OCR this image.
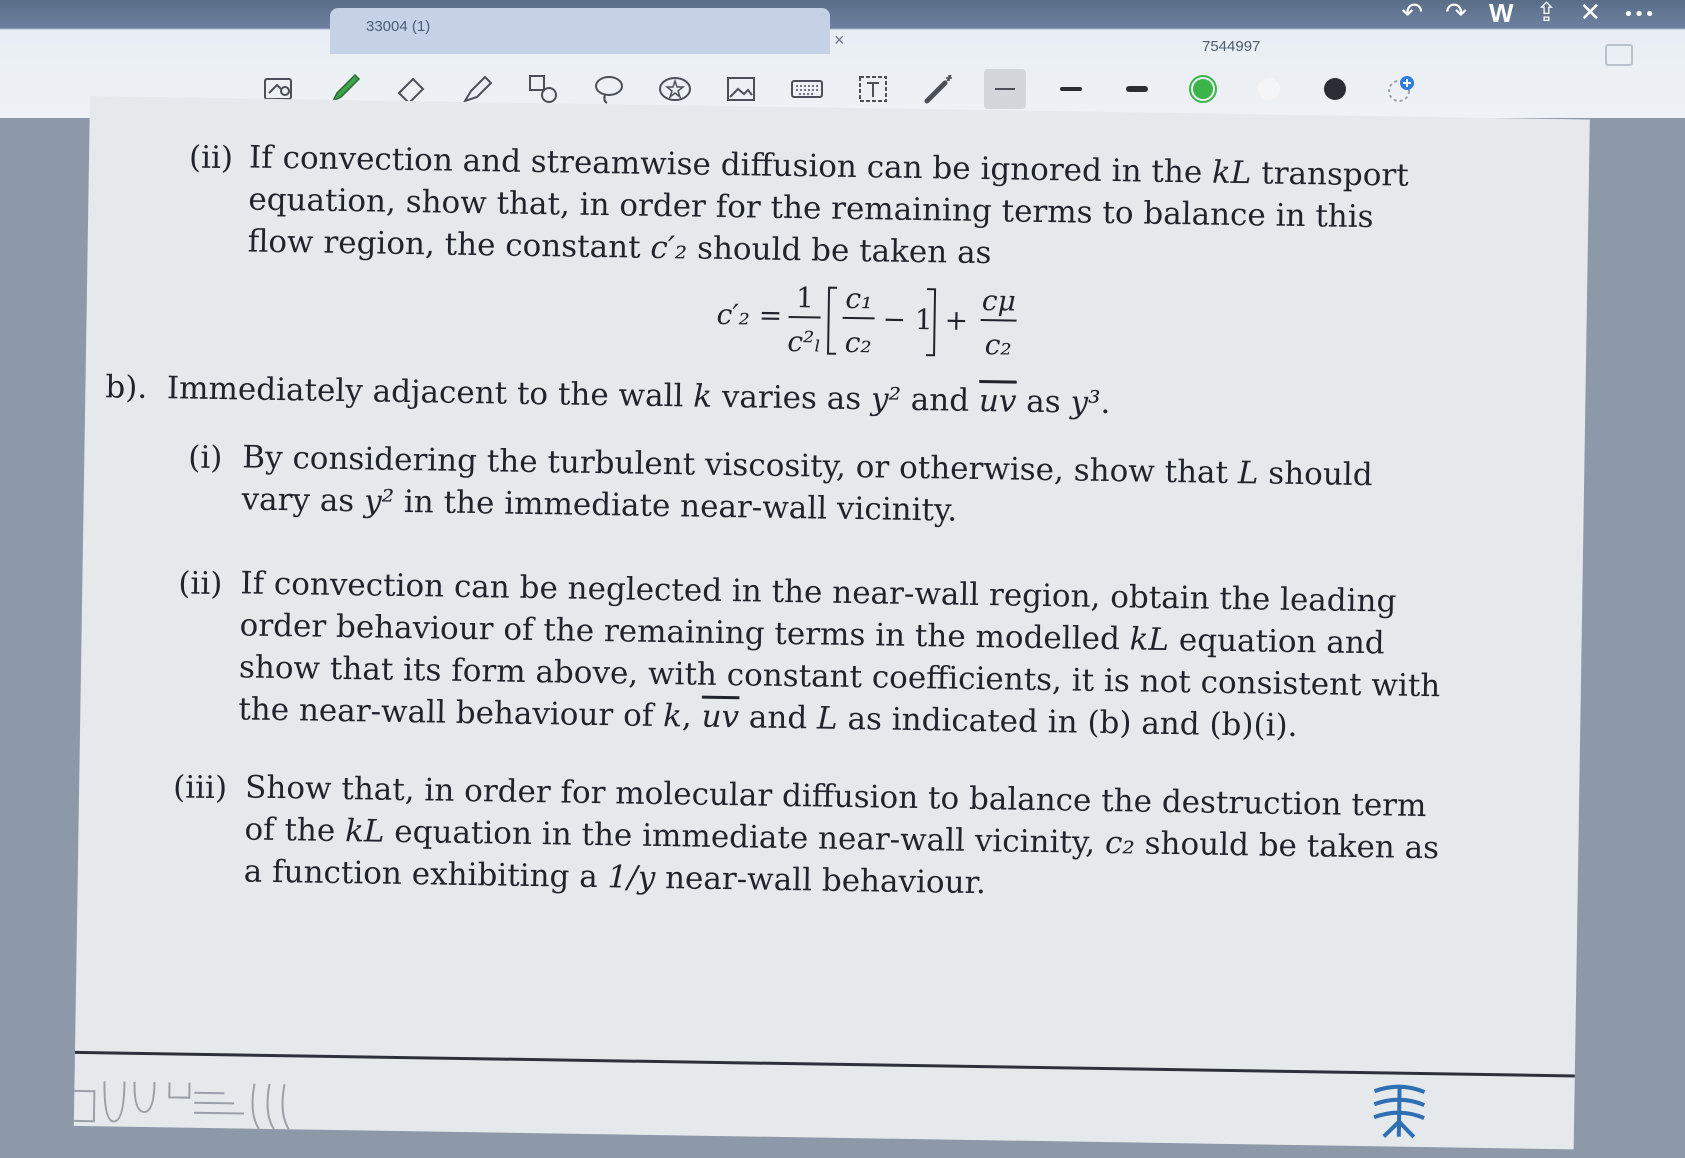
33004 (1)
×	7544997
↶ ↷ W ⇪ ✕ •••
(ii) If convection and streamwise diffusion can be ignored in the kL transport equation, show that, in order for the remaining terms to balance in this flow region, the constant c′₂ should be taken as
c′₂ =
1
c²ₗ
c₁
c₂
− 1 +
cμ
c₂
b). Immediately adjacent to the wall k varies as y² and $\overline{uv}$ as y³.
(i) By considering the turbulent viscosity, or otherwise, show that L should vary as y² in the immediate near-wall vicinity.
(ii) If convection can be neglected in the near-wall region, obtain the leading order behaviour of the remaining terms in the modelled kL equation and show that its form above, with constant coefficients, it is not consistent with the near-wall behaviour of k, $\overline{uv}$ and L as indicated in (b) and (b)(i).
(iii) Show that, in order for molecular diffusion to balance the destruction term of the kL equation in the immediate near-wall vicinity, c₂ should be taken as a function exhibiting a 1/y near-wall behaviour.
